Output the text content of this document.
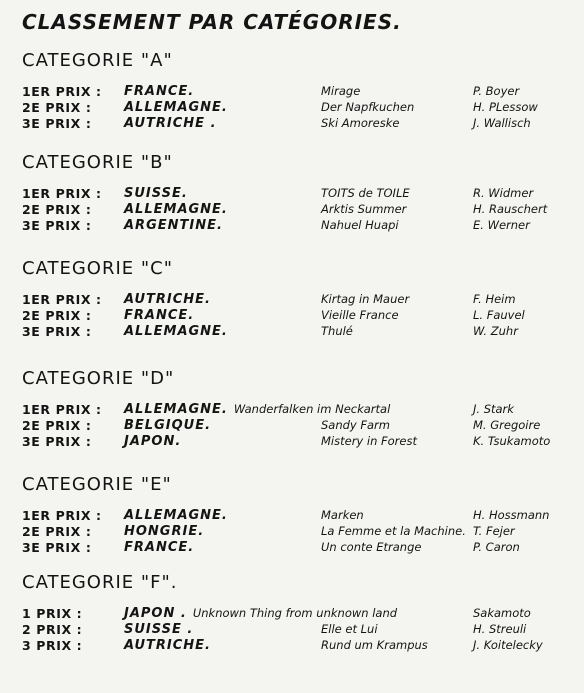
CLASSEMENT PAR CATÉGORIES.
CATEGORIE "A"
1ER PRIX : FRANCE.	Mirage	P. Boyer
2E PRIX :	ALLEMAGNE.	Der Napfkuchen	H. PLessow
3E PRIX :	AUTRICHE .	Ski Amoreske	J. Wallisch
CATEGORIE "B"
1ER PRIX : SUISSE.	TOITS de TOILE	R. Widmer
2E PRIX :	ALLEMAGNE.	Arktis Summer	H. Rauschert
3E PRIX :	ARGENTINE.	Nahuel Huapi	E. Werner
CATEGORIE "C"
1ER PRIX : AUTRICHE.	Kirtag in Mauer	F. Heim
2E PRIX :	FRANCE.	Vieille France	L. Fauvel
3E PRIX :	ALLEMAGNE.	Thulé	W. Zuhr
CATEGORIE "D"
1ER PRIX : ALLEMAGNE. Wanderfalken im Neckartal	J. Stark
2E PRIX :	BELGIQUE.	Sandy Farm	M. Gregoire
3E PRIX :	JAPON.	Mistery in Forest	K. Tsukamoto
CATEGORIE "E"
1ER PRIX : ALLEMAGNE.	Marken	H. Hossmann
2E PRIX :	HONGRIE.	La Femme et la Machine. T. Fejer
3E PRIX :	FRANCE.	Un conte Etrange	P. Caron
CATEGORIE "F".
1 PRIX :	JAPON . Unknown Thing from unknown land	Sakamoto
2 PRIX :	SUISSE .	Elle et Lui	H. Streuli
3 PRIX :	AUTRICHE.	Rund um Krampus	J. Koitelecky
